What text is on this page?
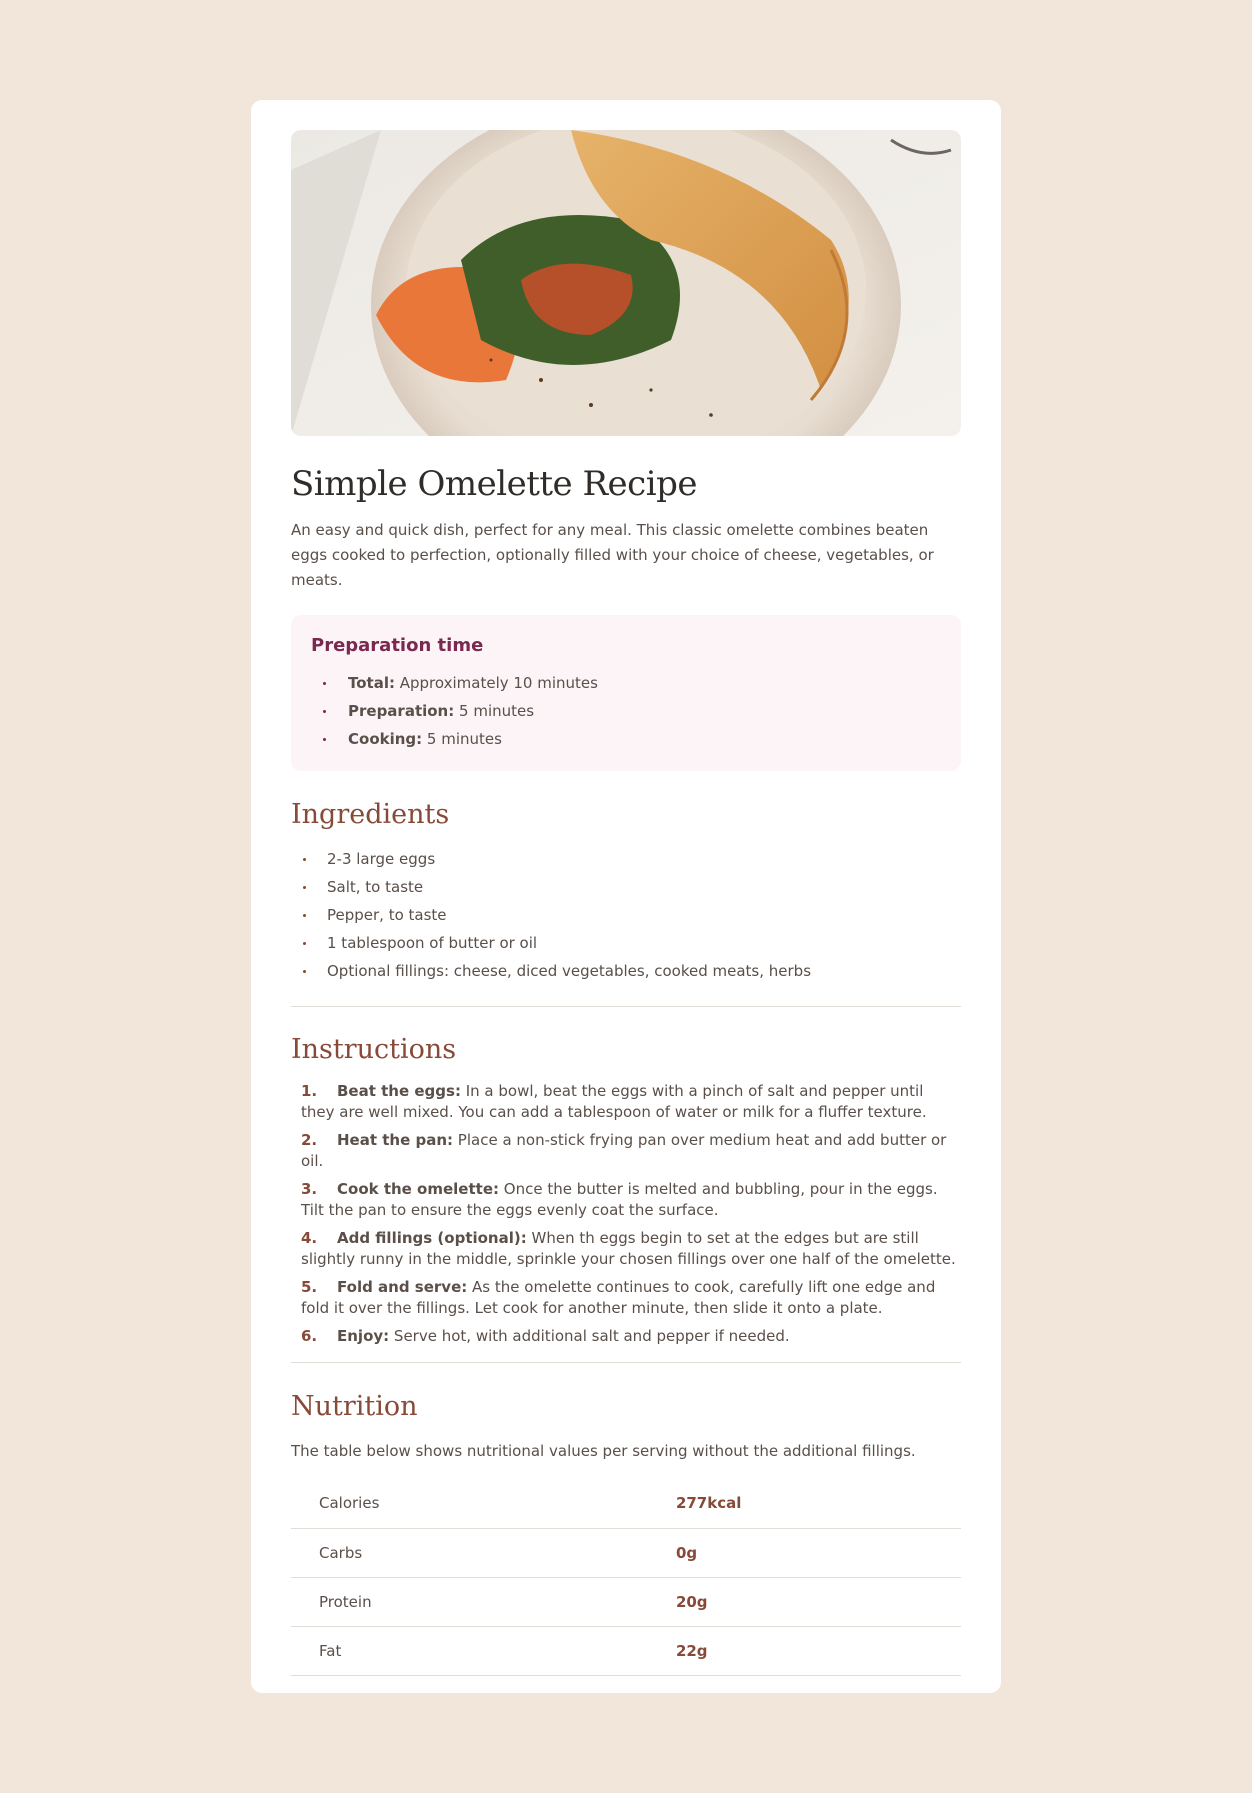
Simple Omelette Recipe

An easy and quick dish, perfect for any meal. This classic omelette combines beaten eggs cooked to perfection, optionally filled with your choice of cheese, vegetables, or meats.

Preparation time
Total: Approximately 10 minutes
Preparation: 5 minutes
Cooking: 5 minutes
Ingredients
2-3 large eggs
Salt, to taste
Pepper, to taste
1 tablespoon of butter or oil
Optional fillings: cheese, diced vegetables, cooked meats, herbs
Instructions
1. Beat the eggs: In a bowl, beat the eggs with a pinch of salt and pepper until they are well mixed. You can add a tablespoon of water or milk for a fluffer texture.
2. Heat the pan: Place a non-stick frying pan over medium heat and add butter or oil.
3. Cook the omelette: Once the butter is melted and bubbling, pour in the eggs. Tilt the pan to ensure the eggs evenly coat the surface.
4. Add fillings (optional): When th eggs begin to set at the edges but are still slightly runny in the middle, sprinkle your chosen fillings over one half of the omelette.
5. Fold and serve: As the omelette continues to cook, carefully lift one edge and fold it over the fillings. Let cook for another minute, then slide it onto a plate.
6. Enjoy: Serve hot, with additional salt and pepper if needed.
Nutrition

The table below shows nutritional values per serving without the additional fillings.

Calories	277kcal
Carbs	0g
Protein	20g
Fat	22g
